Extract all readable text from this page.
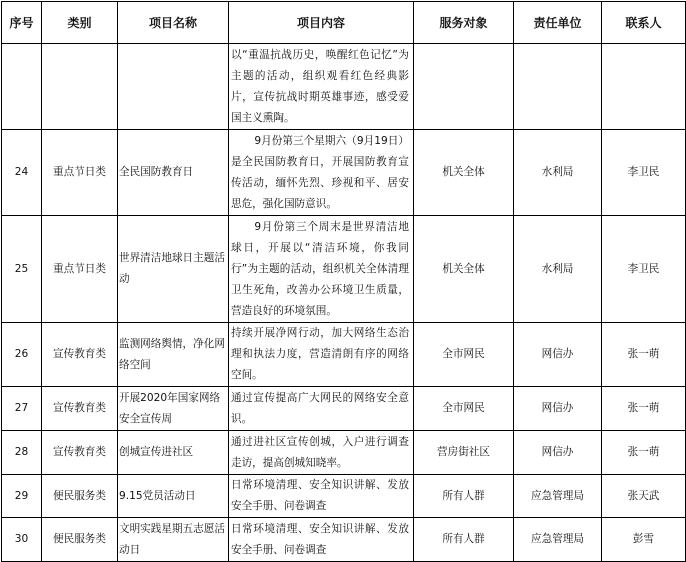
序号	类别	项目名称	项目内容	服务对象	责任单位	联系人
			以“重温抗战历史，唤醒红色记忆”为主题的活动，组织观看红色经典影片，宣传抗战时期英雄事迹，感受爱国主义熏陶。			
24	重点节日类	全民国防教育日	9月份第三个星期六（9月19日）是全民国防教育日，开展国防教育宣传活动，缅怀先烈、珍视和平、居安思危，强化国防意识。	机关全体	水利局	李卫民
25	重点节日类	世界清洁地球日主题活动	9月份第三个周末是世界清洁地球日，开展以“清洁环境，你我同行”为主题的活动，组织机关全体清理卫生死角，改善办公环境卫生质量，营造良好的环境氛围。	机关全体	水利局	李卫民
26	宣传教育类	监测网络舆情，净化网络空间	持续开展净网行动，加大网络生态治理和执法力度，营造清朗有序的网络空间。	全市网民	网信办	张一萌
27	宣传教育类	开展2020年国家网络安全宣传周	通过宣传提高广大网民的网络安全意识。	全市网民	网信办	张一萌
28	宣传教育类	创城宣传进社区	通过进社区宣传创城，入户进行调查走访，提高创城知晓率。	营房街社区	网信办	张一萌
29	便民服务类	9.15党员活动日	日常环境清理、安全知识讲解、发放安全手册、问卷调查	所有人群	应急管理局	张天武
30	便民服务类	文明实践星期五志愿活动日	日常环境清理、安全知识讲解、发放安全手册、问卷调查	所有人群	应急管理局	彭雪
